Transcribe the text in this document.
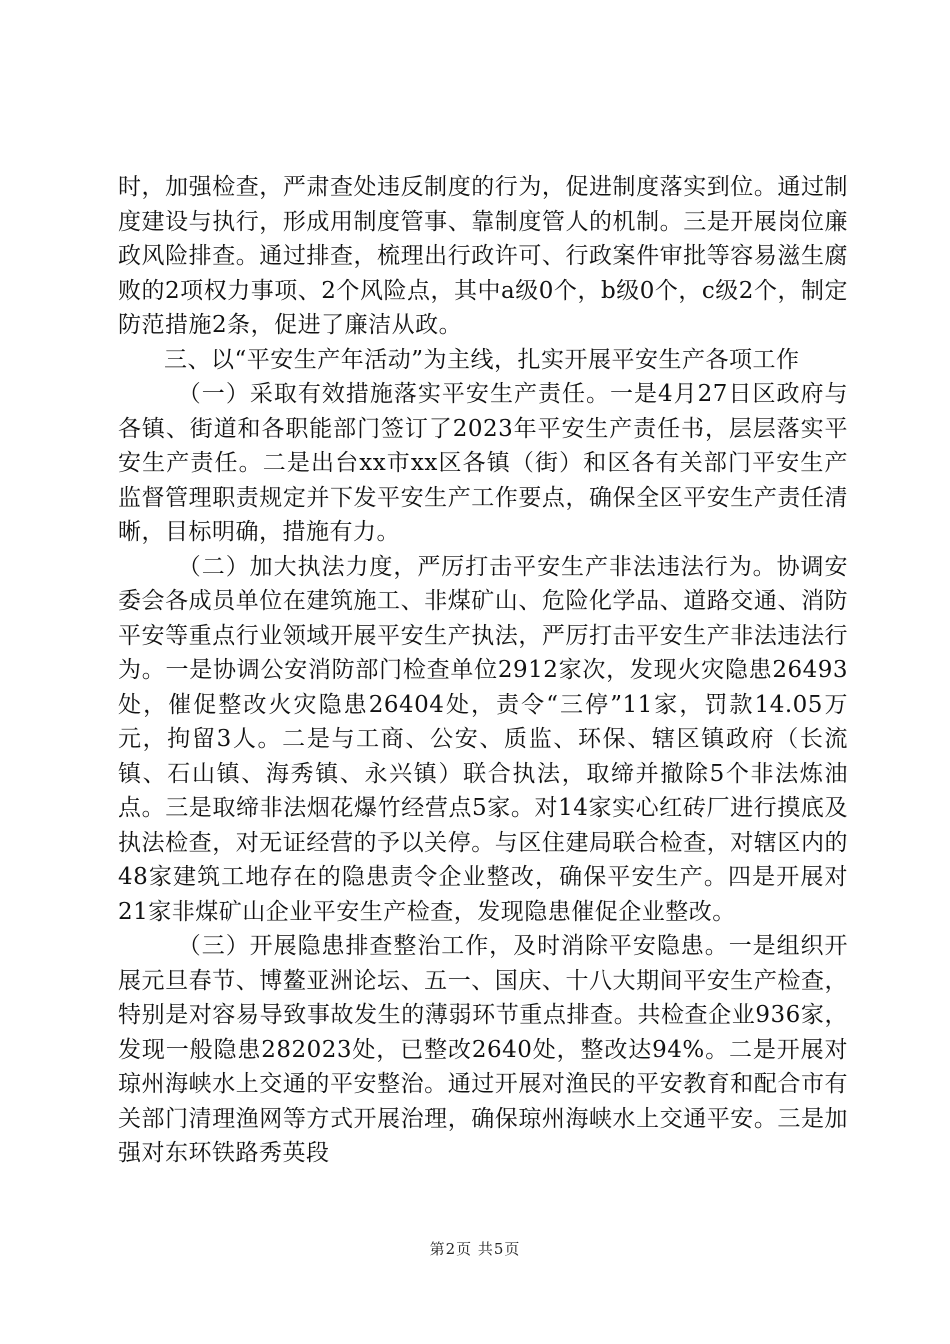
时，加强检查，严肃查处违反制度的行为，促进制度落实到位。通过制度建设与执行，形成用制度管事、靠制度管人的机制。三是开展岗位廉政风险排查。通过排查，梳理出行政许可、行政案件审批等容易滋生腐败的2项权力事项、2个风险点，其中a级0个，b级0个，c级2个，制定防范措施2条，促进了廉洁从政。

三、以“平安生产年活动”为主线，扎实开展平安生产各项工作

（一）采取有效措施落实平安生产责任。一是4月27日区政府与各镇、街道和各职能部门签订了2023年平安生产责任书，层层落实平安生产责任。二是出台xx市xx区各镇（街）和区各有关部门平安生产监督管理职责规定并下发平安生产工作要点，确保全区平安生产责任清晰，目标明确，措施有力。

（二）加大执法力度，严厉打击平安生产非法违法行为。协调安委会各成员单位在建筑施工、非煤矿山、危险化学品、道路交通、消防平安等重点行业领域开展平安生产执法，严厉打击平安生产非法违法行为。一是协调公安消防部门检查单位2912家次，发现火灾隐患26493处，催促整改火灾隐患26404处，责令“三停”11家，罚款14.05万元，拘留3人。二是与工商、公安、质监、环保、辖区镇政府（长流镇、石山镇、海秀镇、永兴镇）联合执法，取缔并撤除5个非法炼油点。三是取缔非法烟花爆竹经营点5家。对14家实心红砖厂进行摸底及执法检查，对无证经营的予以关停。与区住建局联合检查，对辖区内的48家建筑工地存在的隐患责令企业整改，确保平安生产。四是开展对21家非煤矿山企业平安生产检查，发现隐患催促企业整改。

（三）开展隐患排查整治工作，及时消除平安隐患。一是组织开展元旦春节、博鳌亚洲论坛、五一、国庆、十八大期间平安生产检查，特别是对容易导致事故发生的薄弱环节重点排查。共检查企业936家，发现一般隐患282023处，已整改2640处，整改达94%。二是开展对琼州海峡水上交通的平安整治。通过开展对渔民的平安教育和配合市有关部门清理渔网等方式开展治理，确保琼州海峡水上交通平安。三是加强对东环铁路秀英段

第2页 共5页
